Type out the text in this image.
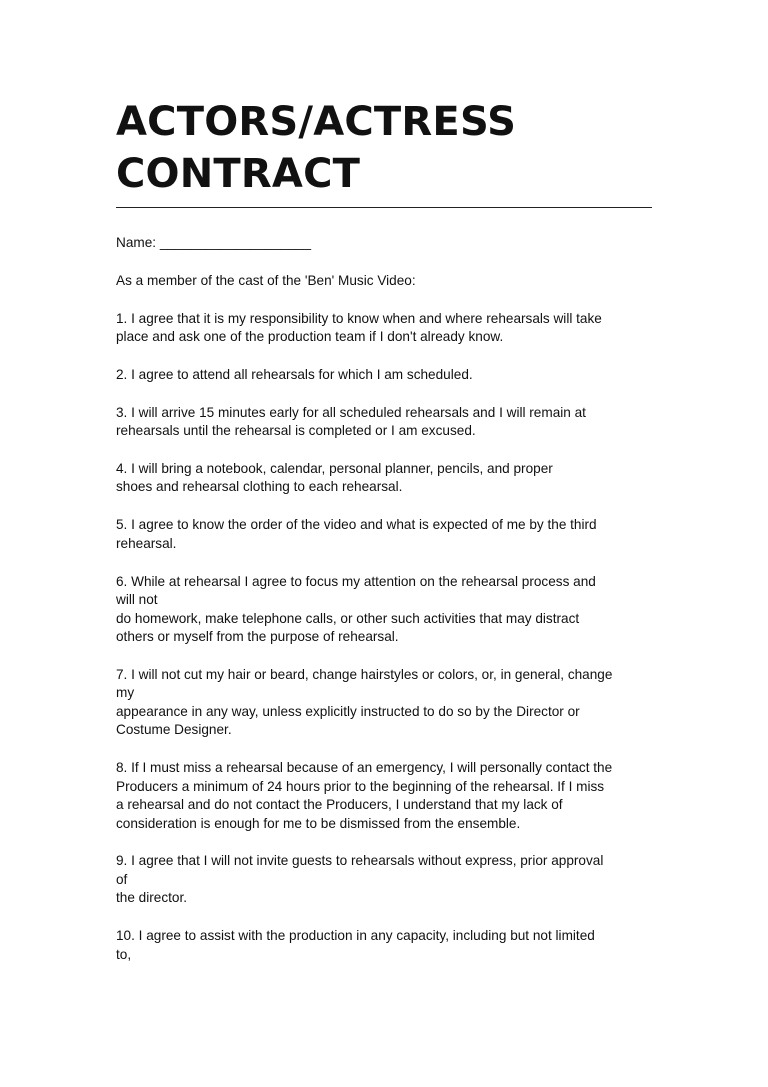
ACTORS/ACTRESS
CONTRACT
Name: ____________________
As a member of the cast of the 'Ben' Music Video:
1. I agree that it is my responsibility to know when and where rehearsals will take
place and ask one of the production team if I don't already know.
2. I agree to attend all rehearsals for which I am scheduled.
3. I will arrive 15 minutes early for all scheduled rehearsals and I will remain at
rehearsals until the rehearsal is completed or I am excused.
4. I will bring a notebook, calendar, personal planner, pencils, and proper
shoes and rehearsal clothing to each rehearsal.
5. I agree to know the order of the video and what is expected of me by the third
rehearsal.
6. While at rehearsal I agree to focus my attention on the rehearsal process and
will not
do homework, make telephone calls, or other such activities that may distract
others or myself from the purpose of rehearsal.
7. I will not cut my hair or beard, change hairstyles or colors, or, in general, change
my
appearance in any way, unless explicitly instructed to do so by the Director or
Costume Designer.
8. If I must miss a rehearsal because of an emergency, I will personally contact the
Producers a minimum of 24 hours prior to the beginning of the rehearsal. If I miss
a rehearsal and do not contact the Producers, I understand that my lack of
consideration is enough for me to be dismissed from the ensemble.
9. I agree that I will not invite guests to rehearsals without express, prior approval
of
the director.
10. I agree to assist with the production in any capacity, including but not limited
to,
